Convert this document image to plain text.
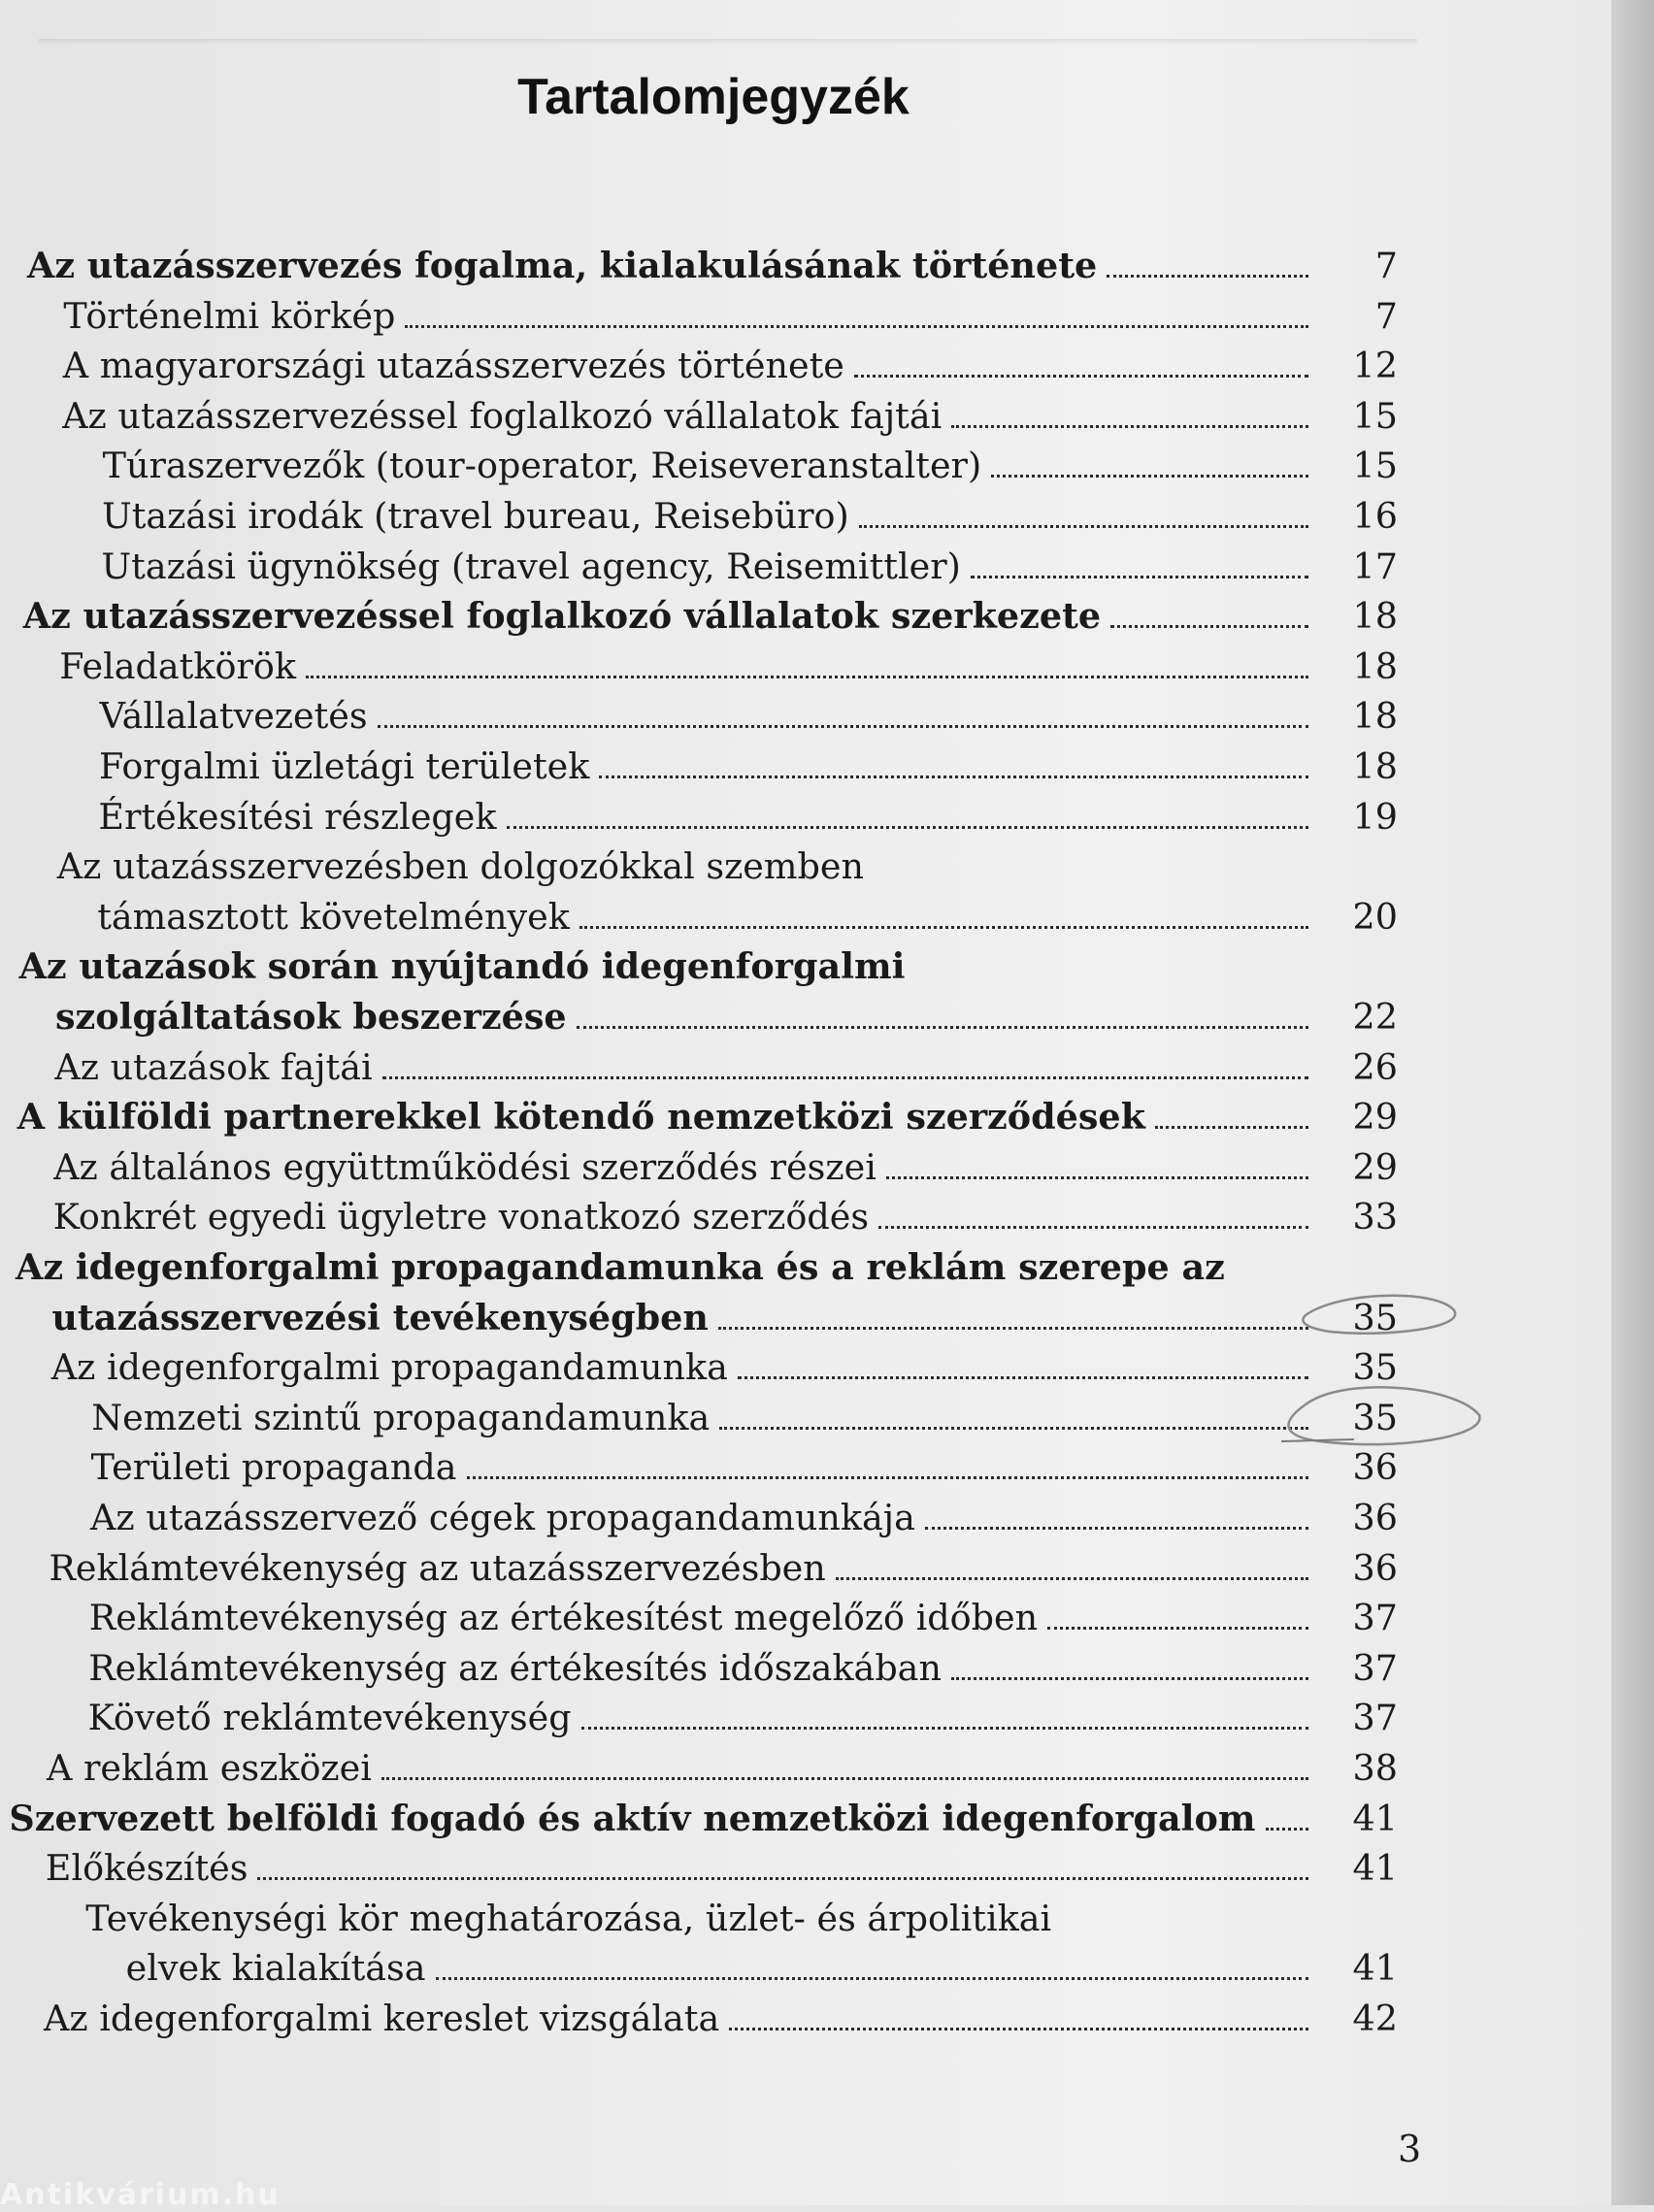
Tartalomjegyzék
Az utazásszervezés fogalma, kialakulásának története	7
Történelmi körkép	7
A magyarországi utazásszervezés története	12
Az utazásszervezéssel foglalkozó vállalatok fajtái	15
Túraszervezők (tour-operator, Reiseveranstalter)	15
Utazási irodák (travel bureau, Reisebüro)	16
Utazási ügynökség (travel agency, Reisemittler)	17
Az utazásszervezéssel foglalkozó vállalatok szerkezete	18
Feladatkörök	18
Vállalatvezetés	18
Forgalmi üzletági területek	18
Értékesítési részlegek	19
Az utazásszervezésben dolgozókkal szemben
támasztott követelmények	20
Az utazások során nyújtandó idegenforgalmi
szolgáltatások beszerzése	22
Az utazások fajtái	26
A külföldi partnerekkel kötendő nemzetközi szerződések	29
Az általános együttműködési szerződés részei	29
Konkrét egyedi ügyletre vonatkozó szerződés	33
Az idegenforgalmi propagandamunka és a reklám szerepe az
utazásszervezési tevékenységben	35
Az idegenforgalmi propagandamunka	35
Nemzeti szintű propagandamunka	35
Területi propaganda	36
Az utazásszervező cégek propagandamunkája	36
Reklámtevékenység az utazásszervezésben	36
Reklámtevékenység az értékesítést megelőző időben	37
Reklámtevékenység az értékesítés időszakában	37
Követő reklámtevékenység	37
A reklám eszközei	38
Szervezett belföldi fogadó és aktív nemzetközi idegenforgalom	41
Előkészítés	41
Tevékenységi kör meghatározása, üzlet- és árpolitikai
elvek kialakítása	41
Az idegenforgalmi kereslet vizsgálata	42
3
Antikvárium.hu
